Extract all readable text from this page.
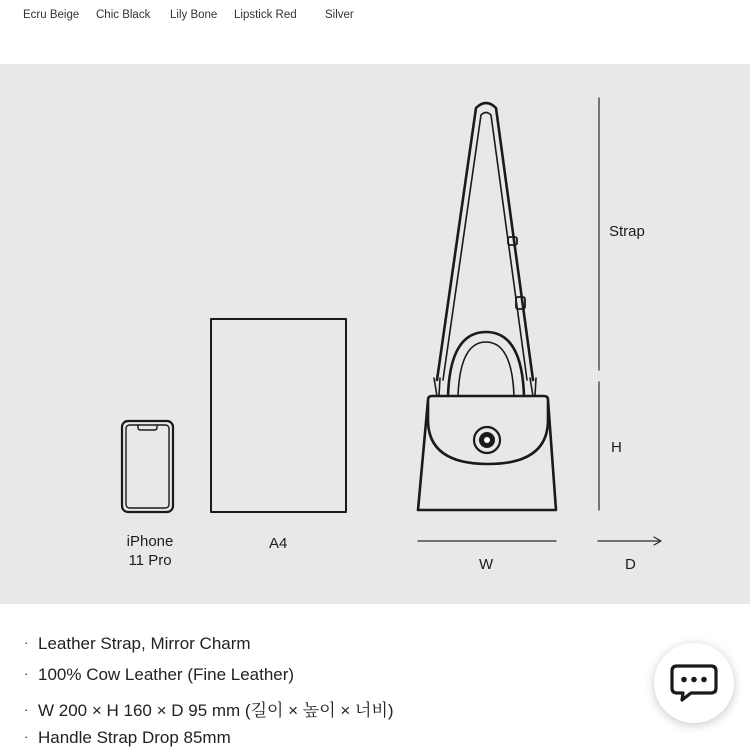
Ecru Beige Chic Black Lily Bone Lipstick Red Silver
iPhone
11 Pro
A4
Strap
H
W	D
· Leather Strap, Mirror Charm
· 100% Cow Leather (Fine Leather)
· W 200 × H 160 × D 95 mm (길이 × 높이 × 너비)
· Handle Strap Drop 85mm
